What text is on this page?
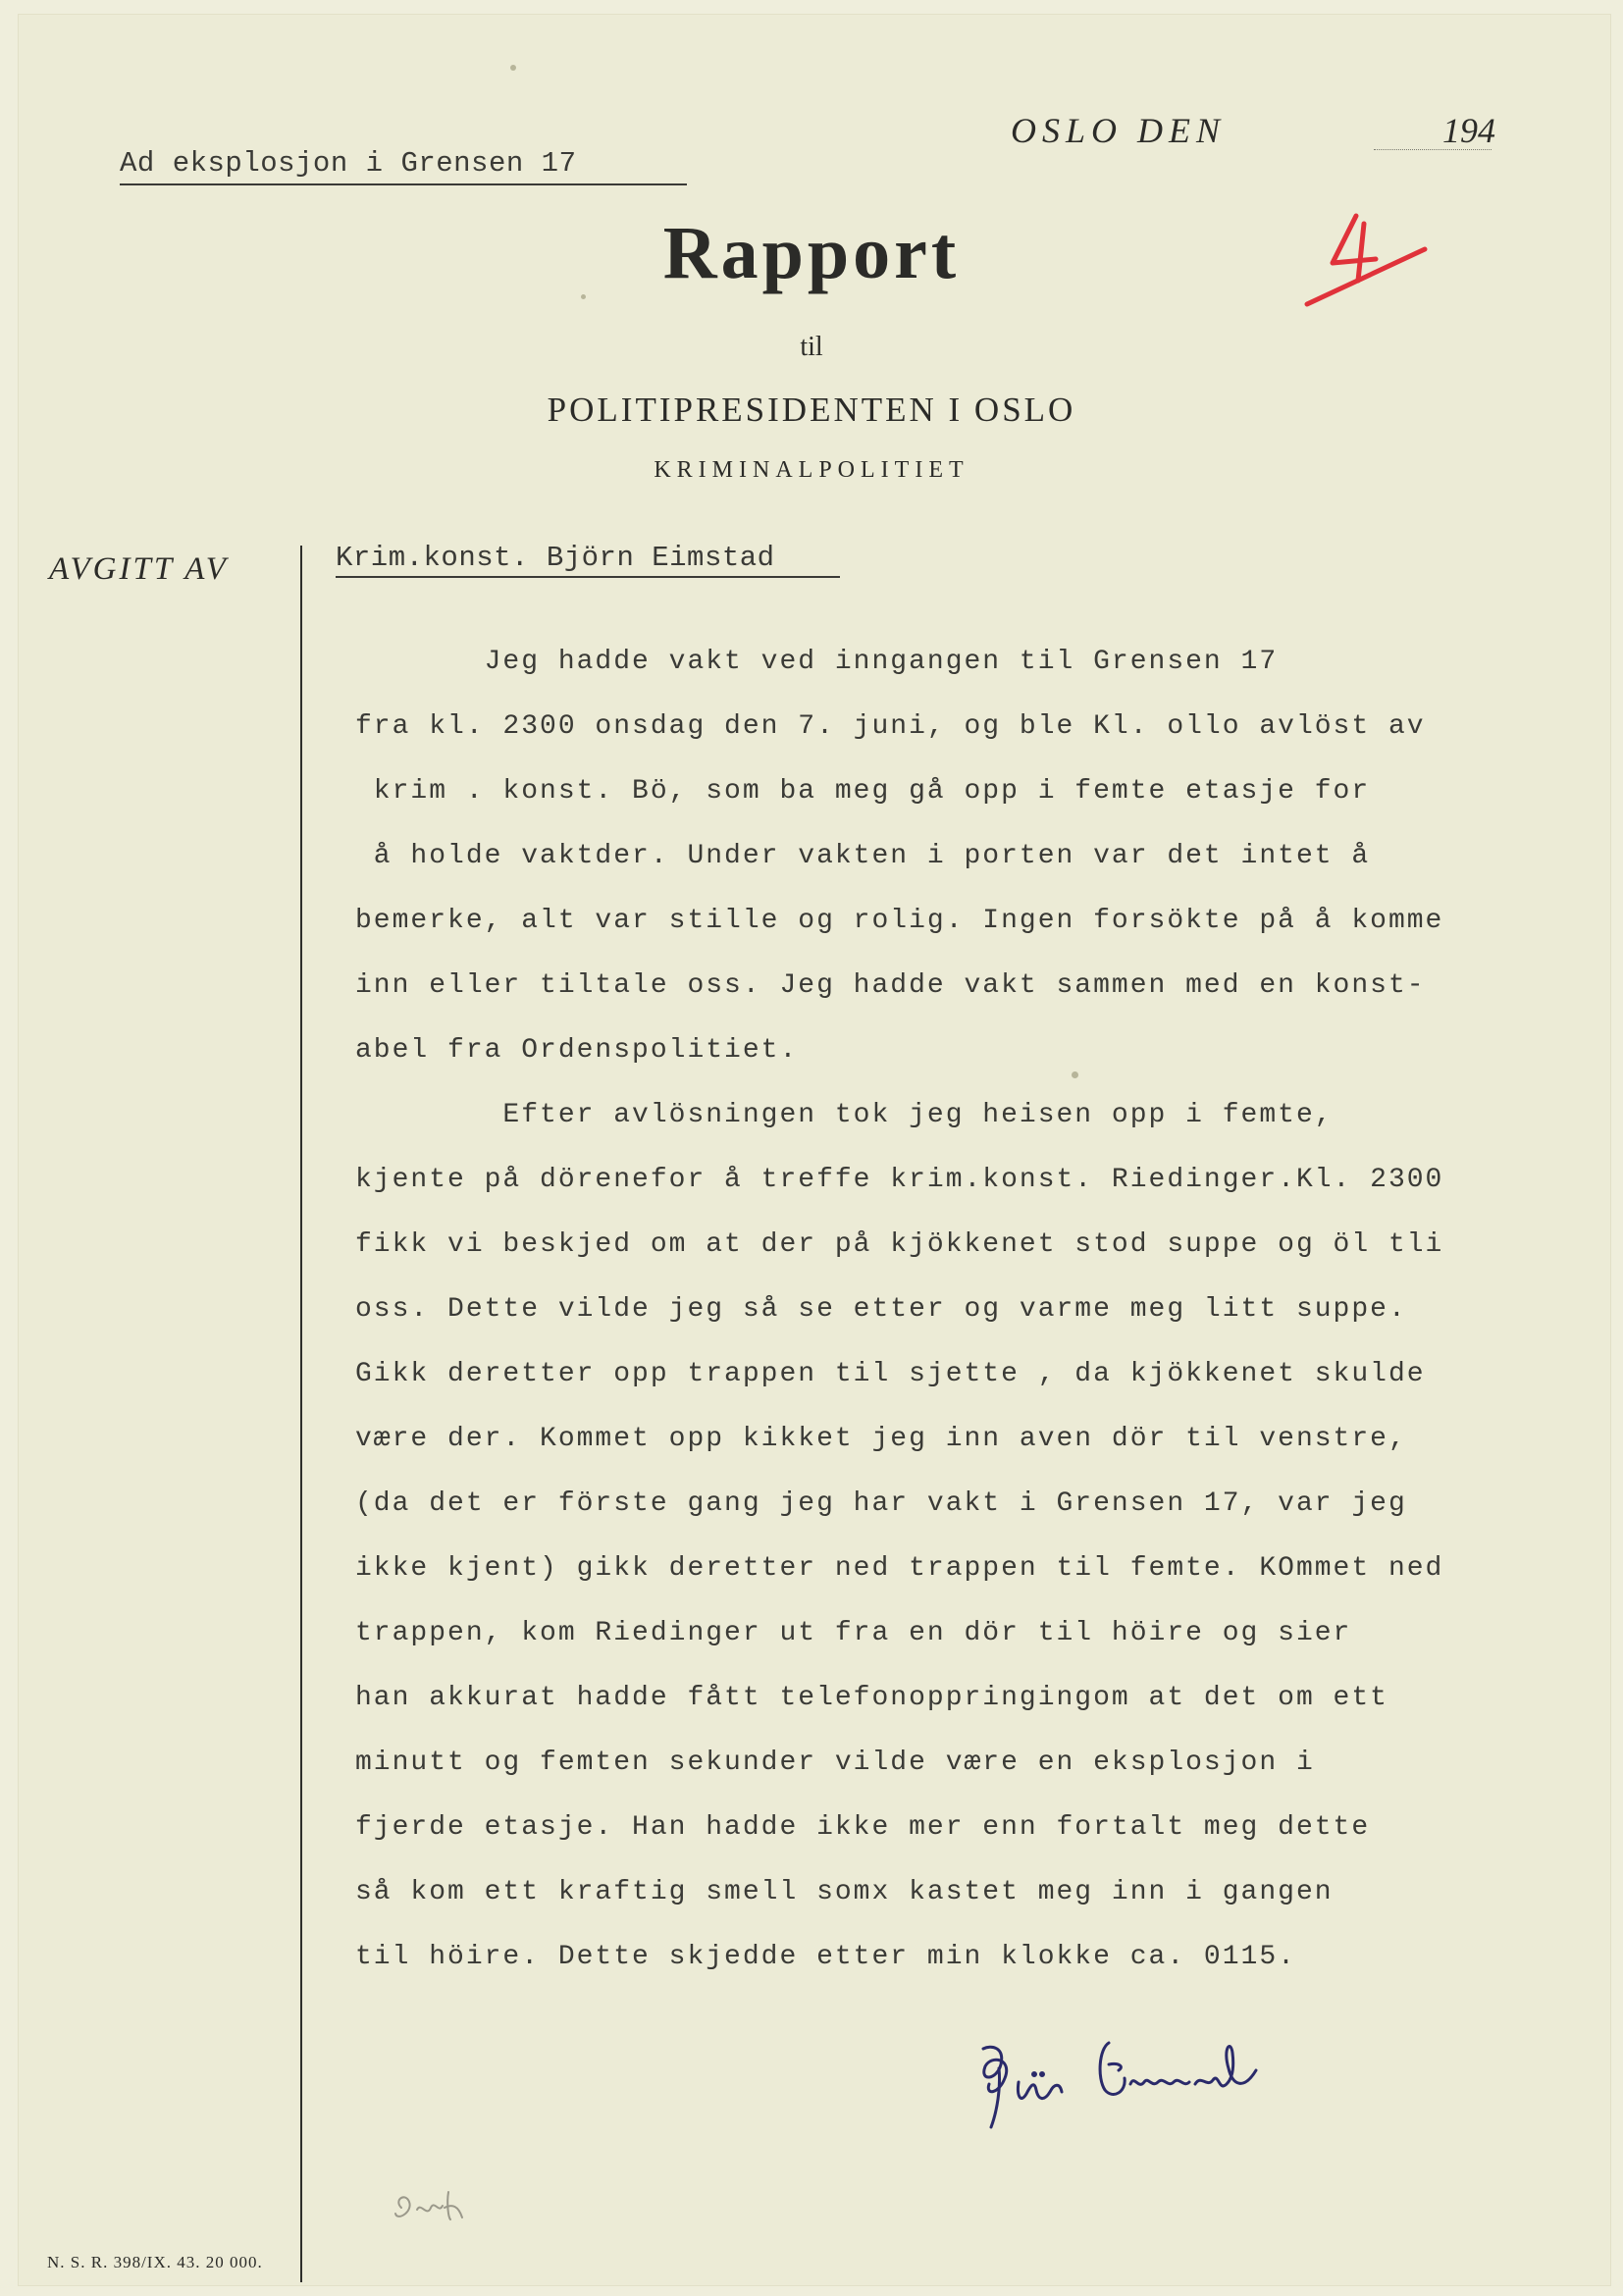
Ad eksplosjon i Grensen 17
OSLO DEN	194
Rapport
til
POLITIPRESIDENTEN I OSLO
KRIMINALPOLITIET
AVGITT AV	Krim.konst. Björn Eimstad
Jeg hadde vakt ved inngangen til Grensen 17
fra kl. 2300 onsdag den 7. juni, og ble Kl. ollo avlöst av
krim . konst. Bö, som ba meg gå opp i femte etasje for
å holde vaktder. Under vakten i porten var det intet å
bemerke, alt var stille og rolig. Ingen forsökte på å komme
inn eller tiltale oss. Jeg hadde vakt sammen med en konst-
abel fra Ordenspolitiet.
Efter avlösningen tok jeg heisen opp i femte,
kjente på dörenefor å treffe krim.konst. Riedinger.Kl. 2300
fikk vi beskjed om at der på kjökkenet stod suppe og öl tli
oss. Dette vilde jeg så se etter og varme meg litt suppe.
Gikk deretter opp trappen til sjette , da kjökkenet skulde
være der. Kommet opp kikket jeg inn aven dör til venstre,
(da det er förste gang jeg har vakt i Grensen 17, var jeg
ikke kjent) gikk deretter ned trappen til femte. KOmmet ned
trappen, kom Riedinger ut fra en dör til höire og sier
han akkurat hadde fått telefonoppringingom at det om ett
minutt og femten sekunder vilde være en eksplosjon i
fjerde etasje. Han hadde ikke mer enn fortalt meg dette
så kom ett kraftig smell somx kastet meg inn i gangen
til höire. Dette skjedde etter min klokke ca. 0115.
N. S. R. 398/IX. 43. 20 000.
